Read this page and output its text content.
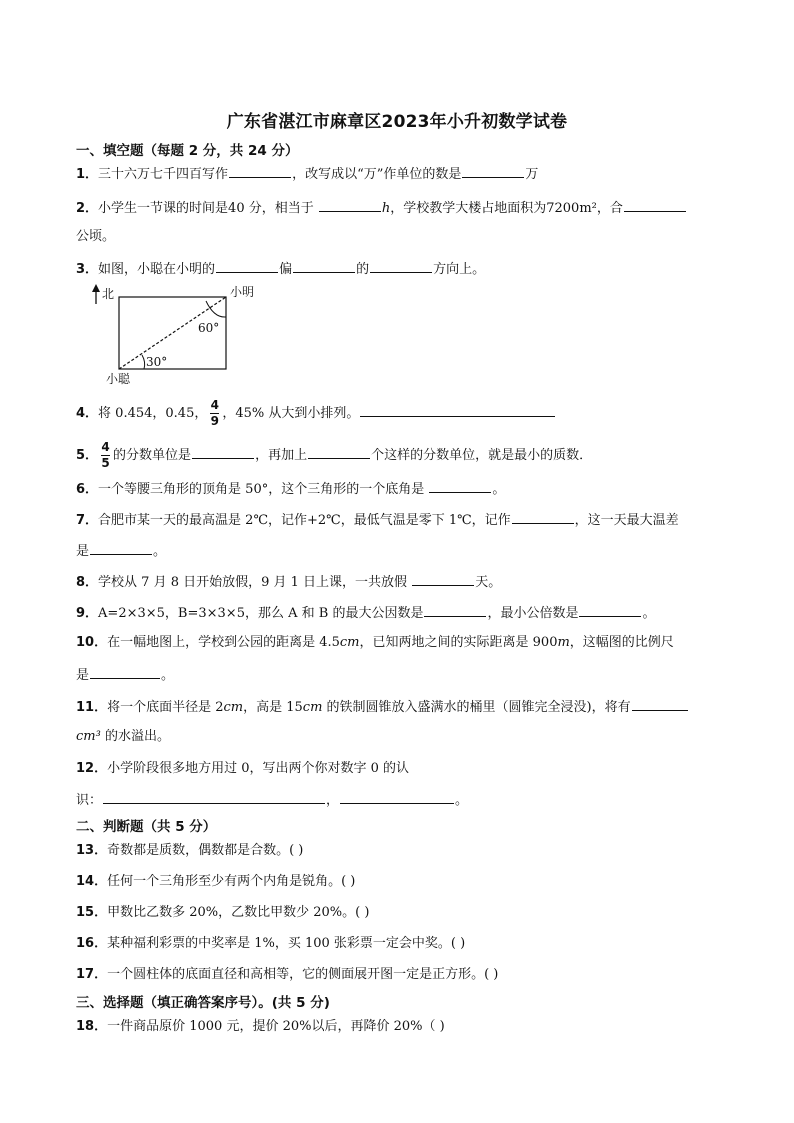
广东省湛江市麻章区2023年小升初数学试卷
一、填空题（每题 2 分，共 24 分）
1．三十六万七千四百写作	，改写成以“万”作单位的数是	万
2．小学生一节课的时间是40 分，相当于	h，学校教学大楼占地面积为7200m²，合
公顷。
3．如图，小聪在小明的	偏	的	方向上。
北
60°
30°
小明
小聪
4．将 0.454，0.45， $\frac{4}{9}$ ，45% 从大到小排列。
5． $\frac{4}{5}$ 的分数单位是	，再加上	个这样的分数单位，就是最小的质数．
6．一个等腰三角形的顶角是 50°，这个三角形的一个底角是	。
7．合肥市某一天的最高温是 2℃，记作+2℃，最低气温是零下 1℃，记作	，这一天最大温差
是	。
8．学校从 7 月 8 日开始放假，9 月 1 日上课，一共放假	天。
9．A=2×3×5，B=3×3×5，那么 A 和 B 的最大公因数是	，最小公倍数是	。
10．在一幅地图上，学校到公园的距离是 4.5cm，已知两地之间的实际距离是 900m，这幅图的比例尺
是	。
11．将一个底面半径是 2cm，高是 15cm 的铁制圆锥放入盛满水的桶里（圆锥完全浸没)，将有
cm³ 的水溢出。
12．小学阶段很多地方用过 0，写出两个你对数字 0 的认
识：	，	。
二、判断题（共 5 分）
13．奇数都是质数，偶数都是合数。( )
14．任何一个三角形至少有两个内角是锐角。( )
15．甲数比乙数多 20%，乙数比甲数少 20%。( )
16．某种福利彩票的中奖率是 1%，买 100 张彩票一定会中奖。( )
17．一个圆柱体的底面直径和高相等，它的侧面展开图一定是正方形。( )
三、选择题（填正确答案序号）。(共 5 分)
18．一件商品原价 1000 元，提价 20%以后，再降价 20%（ )
